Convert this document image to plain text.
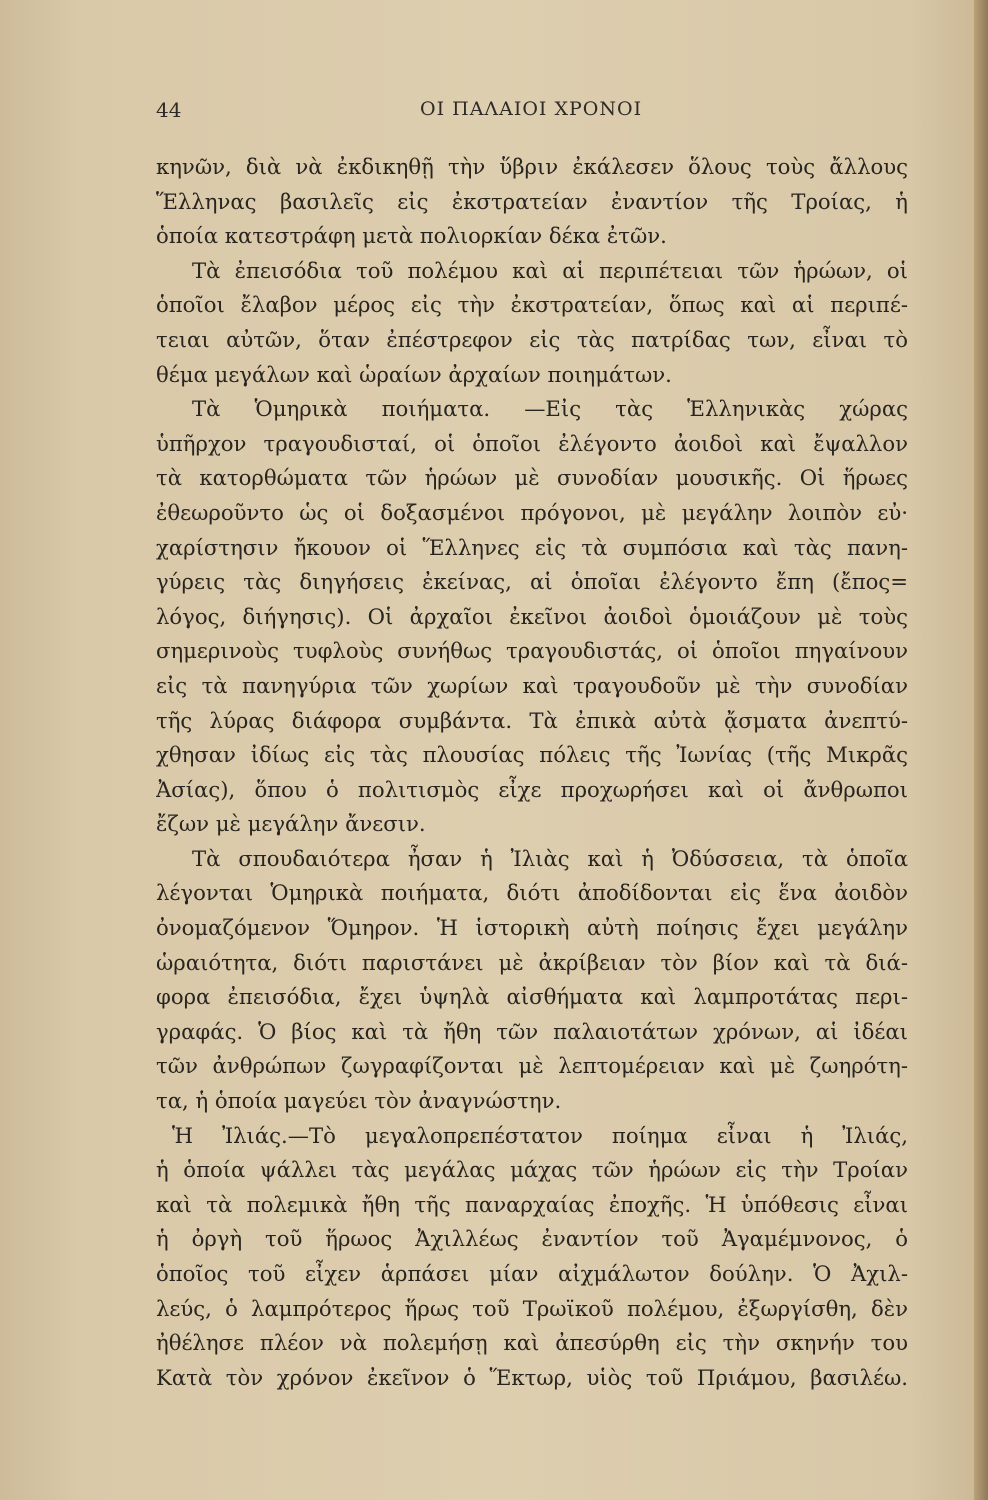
44	ΟΙ ΠΑΛΑΙΟΙ ΧΡΟΝΟΙ
κηνῶν, διὰ νὰ ἐκδικηθῇ τὴν ὕβριν ἐκάλεσεν ὅλους τοὺς ἄλλους
Ἕλληνας βασιλεῖς εἰς ἐκστρατείαν ἐναντίον τῆς Τροίας, ἡ
ὁποία κατεστράφη μετὰ πολιορκίαν δέκα ἐτῶν.
Τὰ ἐπεισόδια τοῦ πολέμου καὶ αἱ περιπέτειαι τῶν ἡρώων, οἱ
ὁποῖοι ἔλαβον μέρος εἰς τὴν ἐκστρατείαν, ὅπως καὶ αἱ περιπέ-
τειαι αὐτῶν, ὅταν ἐπέστρεφον εἰς τὰς πατρίδας των, εἶναι τὸ
θέμα μεγάλων καὶ ὡραίων ἀρχαίων ποιημάτων.
Τὰ Ὁμηρικὰ ποιήματα. —Εἰς τὰς Ἑλληνικὰς χώρας
ὑπῆρχον τραγουδισταί, οἱ ὁποῖοι ἐλέγοντο ἀοιδοὶ καὶ ἔψαλλον
τὰ κατορθώματα τῶν ἡρώων μὲ συνοδίαν μουσικῆς. Οἱ ἥρωες
ἐθεωροῦντο ὡς οἱ δοξασμένοι πρόγονοι, μὲ μεγάλην λοιπὸν εὐ·
χαρίστησιν ἤκουον οἱ Ἕλληνες εἰς τὰ συμπόσια καὶ τὰς πανη-
γύρεις τὰς διηγήσεις ἐκείνας, αἱ ὁποῖαι ἐλέγοντο ἔπη (ἔπος=
λόγος, διήγησις). Οἱ ἀρχαῖοι ἐκεῖνοι ἀοιδοὶ ὁμοιάζουν μὲ τοὺς
σημερινοὺς τυφλοὺς συνήθως τραγουδιστάς, οἱ ὁποῖοι πηγαίνουν
εἰς τὰ πανηγύρια τῶν χωρίων καὶ τραγουδοῦν μὲ τὴν συνοδίαν
τῆς λύρας διάφορα συμβάντα. Τὰ ἐπικὰ αὐτὰ ᾄσματα ἀνεπτύ-
χθησαν ἰδίως εἰς τὰς πλουσίας πόλεις τῆς Ἰωνίας (τῆς Μικρᾶς
Ἀσίας), ὅπου ὁ πολιτισμὸς εἶχε προχωρήσει καὶ οἱ ἄνθρωποι
ἔζων μὲ μεγάλην ἄνεσιν.
Τὰ σπουδαιότερα ἦσαν ἡ Ἰλιὰς καὶ ἡ Ὀδύσσεια, τὰ ὁποῖα
λέγονται Ὁμηρικὰ ποιήματα, διότι ἀποδίδονται εἰς ἕνα ἀοιδὸν
ὀνομαζόμενον Ὅμηρον. Ἡ ἱστορικὴ αὐτὴ ποίησις ἔχει μεγάλην
ὡραιότητα, διότι παριστάνει μὲ ἀκρίβειαν τὸν βίον καὶ τὰ διά-
φορα ἐπεισόδια, ἔχει ὑψηλὰ αἰσθήματα καὶ λαμπροτάτας περι-
γραφάς. Ὁ βίος καὶ τὰ ἤθη τῶν παλαιοτάτων χρόνων, αἱ ἰδέαι
τῶν ἀνθρώπων ζωγραφίζονται μὲ λεπτομέρειαν καὶ μὲ ζωηρότη-
τα, ἡ ὁποία μαγεύει τὸν ἀναγνώστην.
Ἡ Ἰλιάς.—Τὸ μεγαλοπρεπέστατον ποίημα εἶναι ἡ Ἰλιάς,
ἡ ὁποία ψάλλει τὰς μεγάλας μάχας τῶν ἡρώων εἰς τὴν Τροίαν
καὶ τὰ πολεμικὰ ἤθη τῆς παναρχαίας ἐποχῆς. Ἡ ὑπόθεσις εἶναι
ἡ ὀργὴ τοῦ ἥρωος Ἀχιλλέως ἐναντίον τοῦ Ἀγαμέμνονος, ὁ
ὁποῖος τοῦ εἶχεν ἁρπάσει μίαν αἰχμάλωτον δούλην. Ὁ Ἀχιλ-
λεύς, ὁ λαμπρότερος ἥρως τοῦ Τρωϊκοῦ πολέμου, ἐξωργίσθη, δὲν
ἠθέλησε πλέον νὰ πολεμήσῃ καὶ ἀπεσύρθη εἰς τὴν σκηνήν του
Κατὰ τὸν χρόνον ἐκεῖνον ὁ Ἕκτωρ, υἱὸς τοῦ Πριάμου, βασιλέω.
